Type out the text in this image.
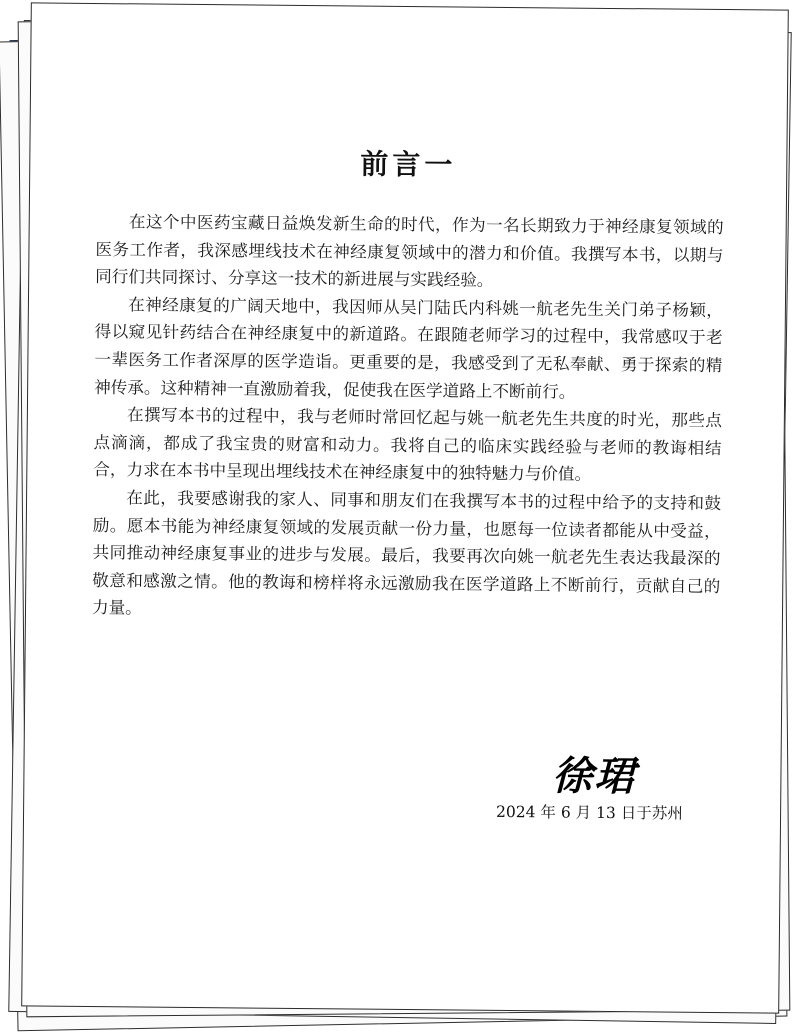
前言一

在这个中医药宝藏日益焕发新生命的时代，作为一名长期致力于神经康复领域的医务工作者，我深感埋线技术在神经康复领域中的潜力和价值。我撰写本书，以期与同行们共同探讨、分享这一技术的新进展与实践经验。

在神经康复的广阔天地中，我因师从吴门陆氏内科姚一航老先生关门弟子杨颖，得以窥见针药结合在神经康复中的新道路。在跟随老师学习的过程中，我常感叹于老一辈医务工作者深厚的医学造诣。更重要的是，我感受到了无私奉献、勇于探索的精神传承。这种精神一直激励着我，促使我在医学道路上不断前行。

在撰写本书的过程中，我与老师时常回忆起与姚一航老先生共度的时光，那些点点滴滴，都成了我宝贵的财富和动力。我将自己的临床实践经验与老师的教诲相结合，力求在本书中呈现出埋线技术在神经康复中的独特魅力与价值。

在此，我要感谢我的家人、同事和朋友们在我撰写本书的过程中给予的支持和鼓励。愿本书能为神经康复领域的发展贡献一份力量，也愿每一位读者都能从中受益，共同推动神经康复事业的进步与发展。最后，我要再次向姚一航老先生表达我最深的敬意和感激之情。他的教诲和榜样将永远激励我在医学道路上不断前行，贡献自己的力量。

徐珺
2024 年 6 月 13 日于苏州
